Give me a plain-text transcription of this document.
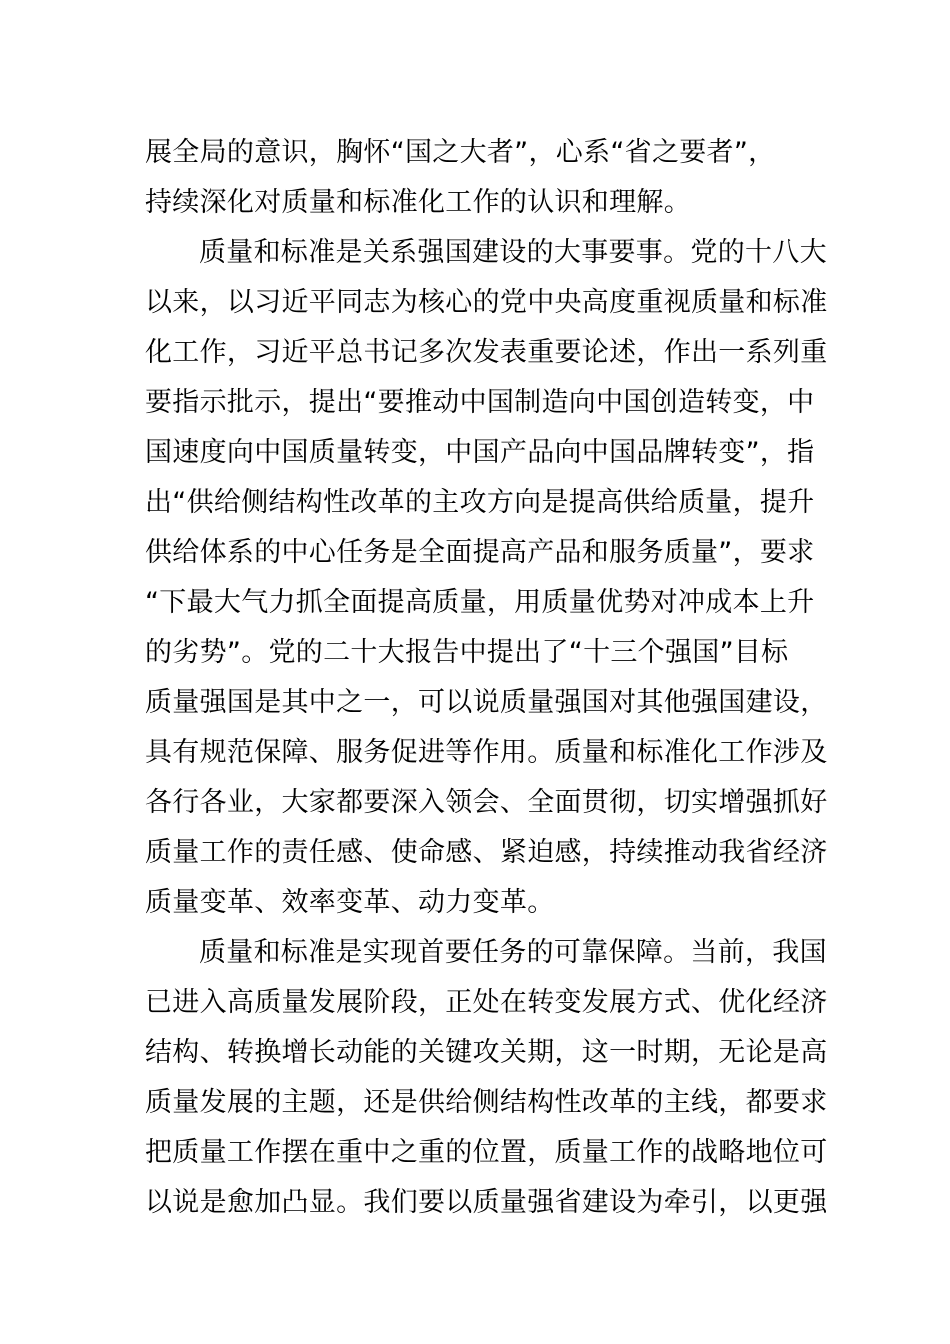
展全局的意识，胸怀“国之大者”，心系“省之要者”，
持续深化对质量和标准化工作的认识和理解。
质量和标准是关系强国建设的大事要事。党的十八大
以来，以习近平同志为核心的党中央高度重视质量和标准
化工作，习近平总书记多次发表重要论述，作出一系列重
要指示批示，提出“要推动中国制造向中国创造转变，中
国速度向中国质量转变，中国产品向中国品牌转变”，指
出“供给侧结构性改革的主攻方向是提高供给质量，提升
供给体系的中心任务是全面提高产品和服务质量”，要求
“下最大气力抓全面提高质量，用质量优势对冲成本上升
的劣势”。党的二十大报告中提出了“十三个强国”目标
质量强国是其中之一，可以说质量强国对其他强国建设，
具有规范保障、服务促进等作用。质量和标准化工作涉及
各行各业，大家都要深入领会、全面贯彻，切实增强抓好
质量工作的责任感、使命感、紧迫感，持续推动我省经济
质量变革、效率变革、动力变革。
质量和标准是实现首要任务的可靠保障。当前，我国
已进入高质量发展阶段，正处在转变发展方式、优化经济
结构、转换增长动能的关键攻关期，这一时期，无论是高
质量发展的主题，还是供给侧结构性改革的主线，都要求
把质量工作摆在重中之重的位置，质量工作的战略地位可
以说是愈加凸显。我们要以质量强省建设为牵引，以更强
